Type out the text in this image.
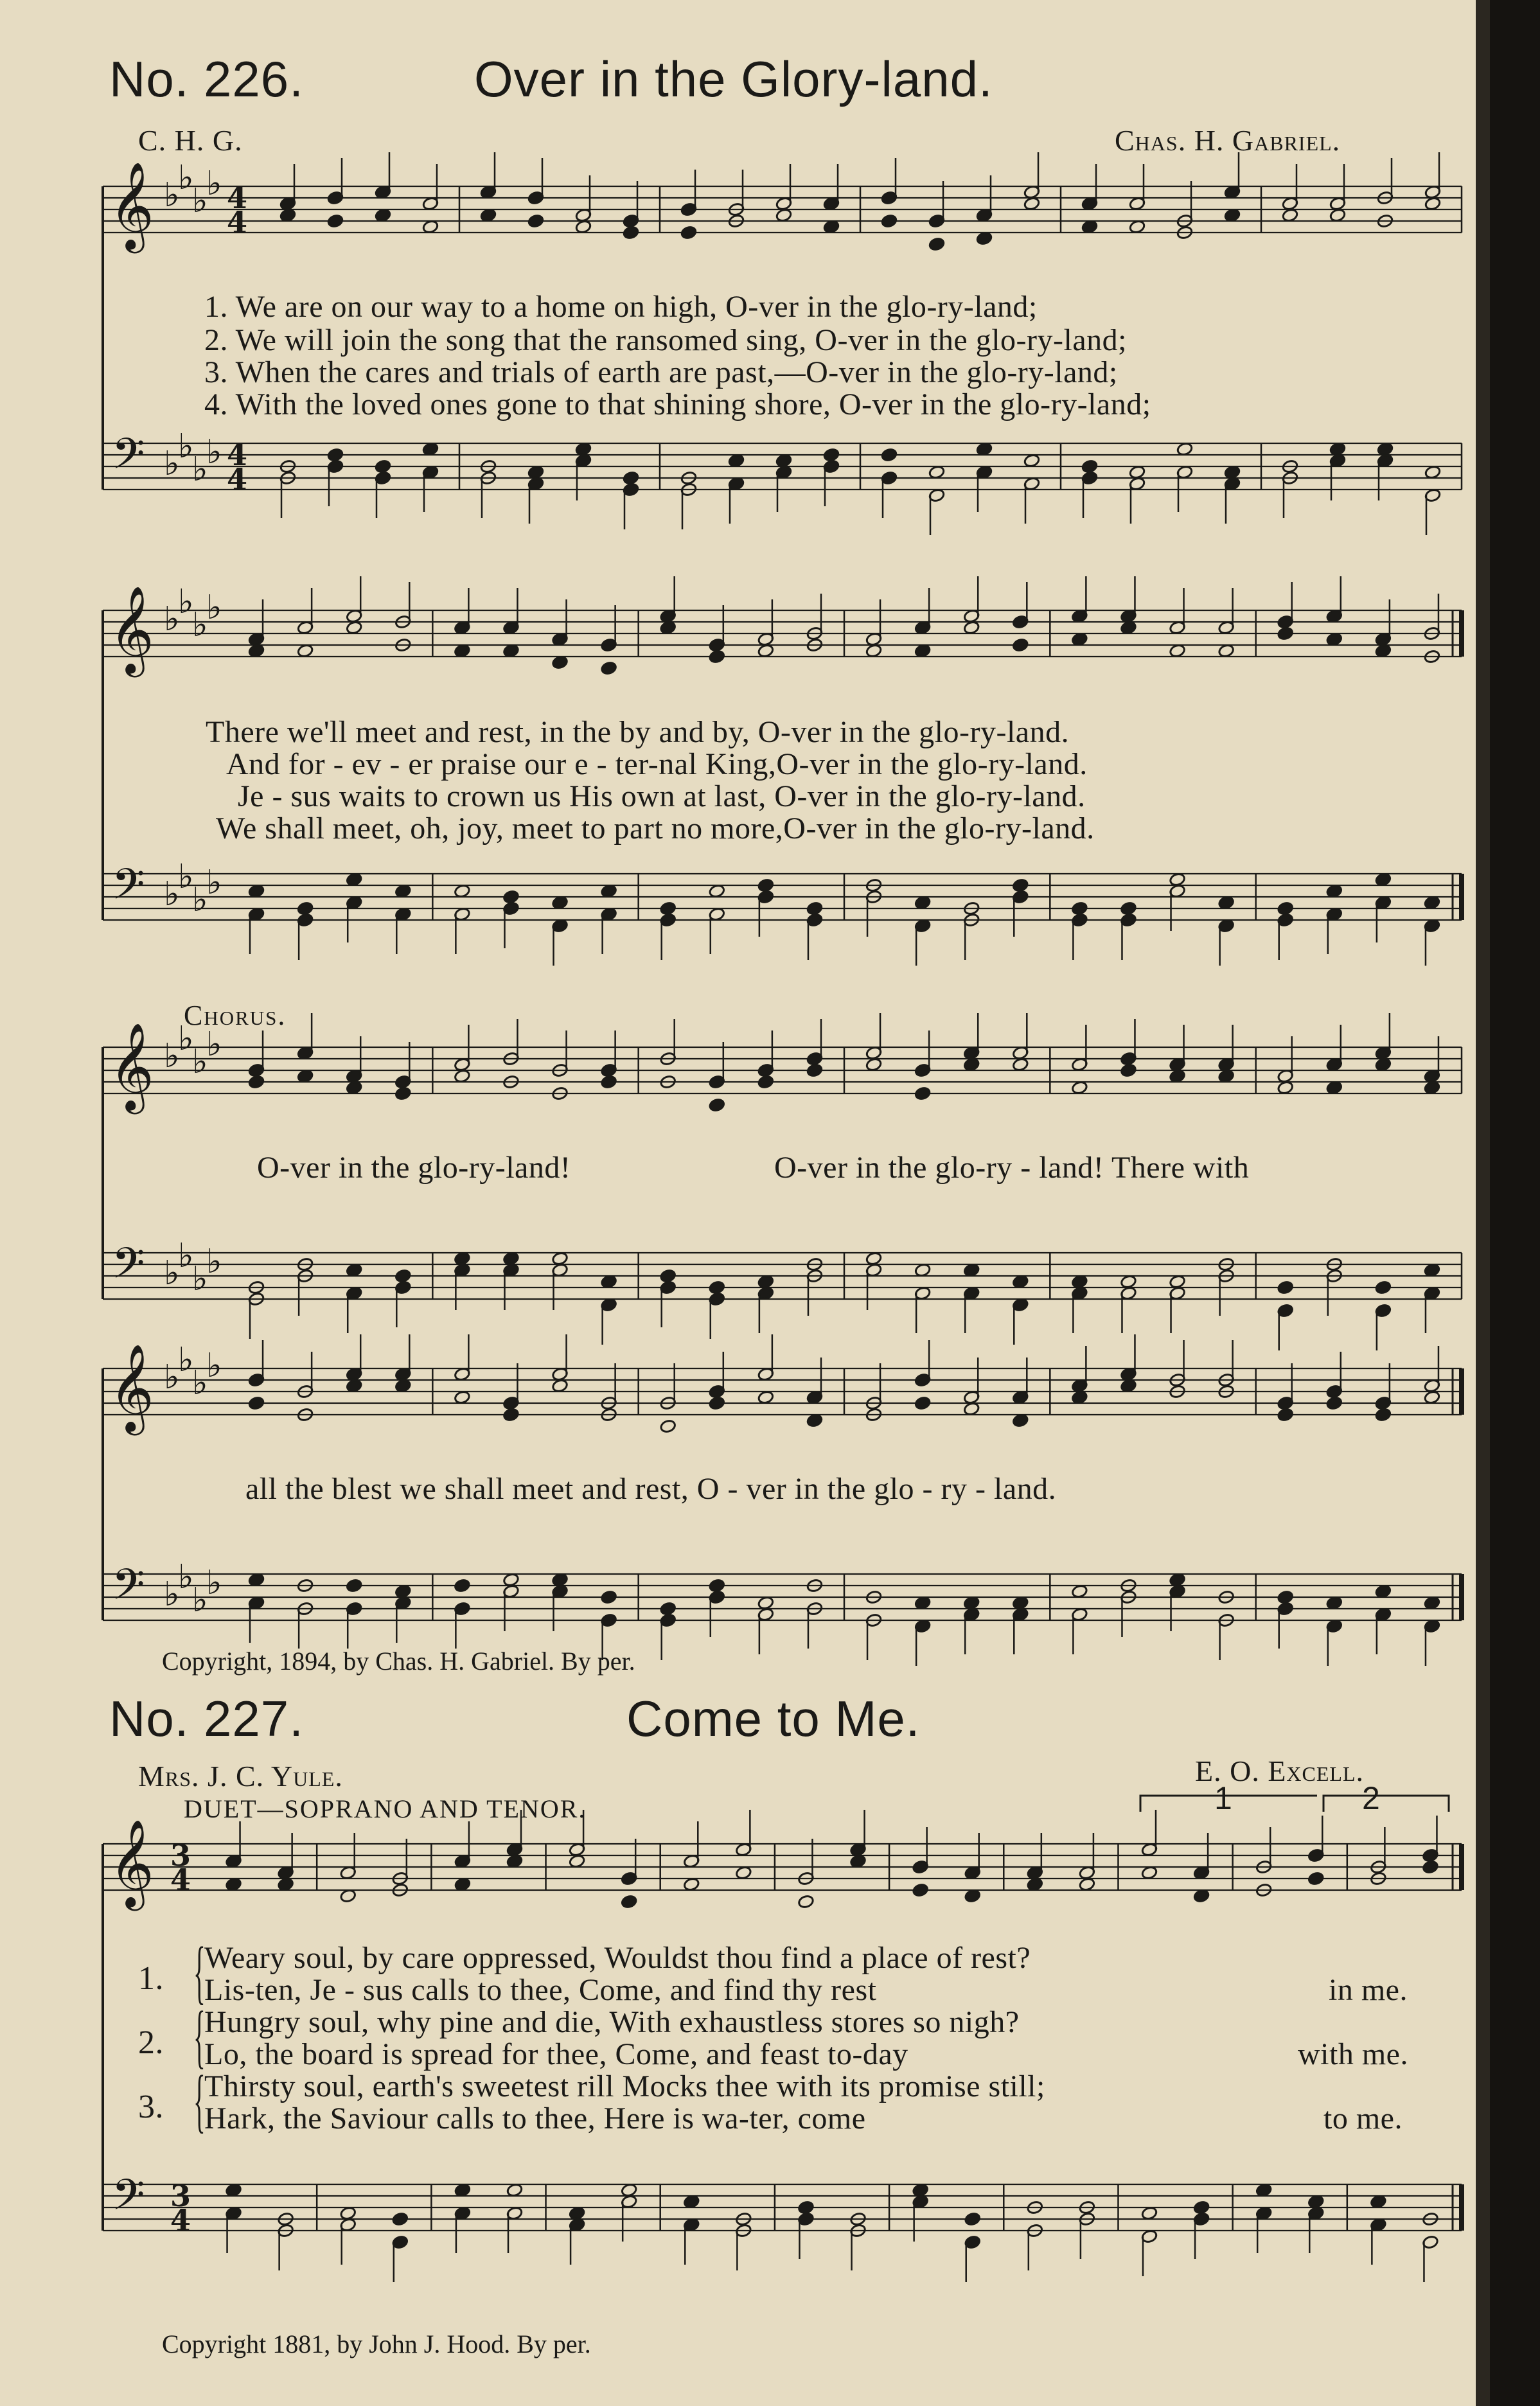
No. 226.	Over in the Glory-land.
C. H. G.	Chas. H. Gabriel.
1. We are on our way to a home on high, O-ver in the glo-ry-land;
2. We will join the song that the ransomed sing, O-ver in the glo-ry-land;
3. When the cares and trials of earth are past,—O-ver in the glo-ry-land;
4. With the loved ones gone to that shining shore, O-ver in the glo-ry-land;
There we'll meet and rest, in the by and by, O-ver in the glo-ry-land.
And for - ev - er praise our e - ter-nal King,O-ver in the glo-ry-land.
Je - sus waits to crown us His own at last, O-ver in the glo-ry-land.
We shall meet, oh, joy, meet to part no more,O-ver in the glo-ry-land.
Chorus.
O-ver in the glo-ry-land!	O-ver in the glo-ry - land! There with
all the blest we shall meet and rest, O - ver in the glo - ry - land.
Copyright, 1894, by Chas. H. Gabriel. By per.
No. 227.	Come to Me.
Mrs. J. C. Yule.	E. O. Excell.
DUET—SOPRANO AND TENOR.	1	2
1. {
Weary soul, by care oppressed, Wouldst thou find a place of rest?
Lis-ten, Je - sus calls to thee, Come, and find thy rest	in me.
2. {
Hungry soul, why pine and die, With exhaustless stores so nigh?
Lo, the board is spread for thee, Come, and feast to-day	with me.
3. {
Thirsty soul, earth's sweetest rill Mocks thee with its promise still;
Hark, the Saviour calls to thee, Here is wa-ter, come	to me.
Copyright 1881, by John J. Hood. By per.
𝄞
𝄢
♭
♭
♭
♭
♭
♭
♭
♭
4
4
4
4
𝄞
𝄢
♭
♭
♭
♭
♭
♭
♭
♭
𝄞
𝄢
♭
♭
♭
♭
♭
♭
♭
♭
𝄞
𝄢
♭
♭
♭
♭
♭
♭
♭
♭
𝄞
𝄢
3
4
3
4
